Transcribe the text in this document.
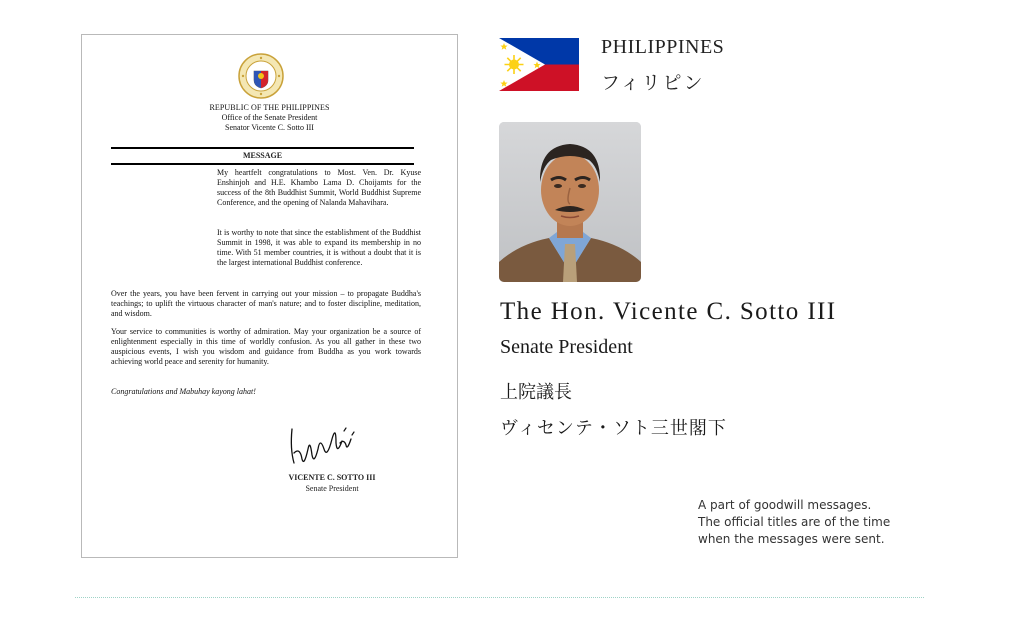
REPUBLIC OF THE PHILIPPINES
Office of the Senate President
Senator Vicente C. Sotto III
MESSAGE

My heartfelt congratulations to Most. Ven. Dr. Kyuse Enshinjoh and H.E. Khambo Lama D. Choijamts for the success of the 8th Buddhist Summit, World Buddhist Supreme Conference, and the opening of Nalanda Mahavihara.

It is worthy to note that since the establishment of the Buddhist Summit in 1998, it was able to expand its membership in no time. With 51 member countries, it is without a doubt that it is the largest international Buddhist conference.

Over the years, you have been fervent in carrying out your mission – to propagate Buddha's teachings; to uplift the virtuous character of man's nature; and to foster discipline, meditation, and wisdom.

Your service to communities is worthy of admiration. May your organization be a source of enlightenment especially in this time of worldly confusion. As you all gather in these two auspicious events, I wish you wisdom and guidance from Buddha as you work towards achieving world peace and serenity for humanity.

Congratulations and Mabuhay kayong lahat!

VICENTE C. SOTTO III
Senate President
PHILIPPINES
フィリピン
The Hon. Vicente C. Sotto III
Senate President
上院議長
ヴィセンテ・ソト三世閣下
A part of goodwill messages.
The official titles are of the time
when the messages were sent.
